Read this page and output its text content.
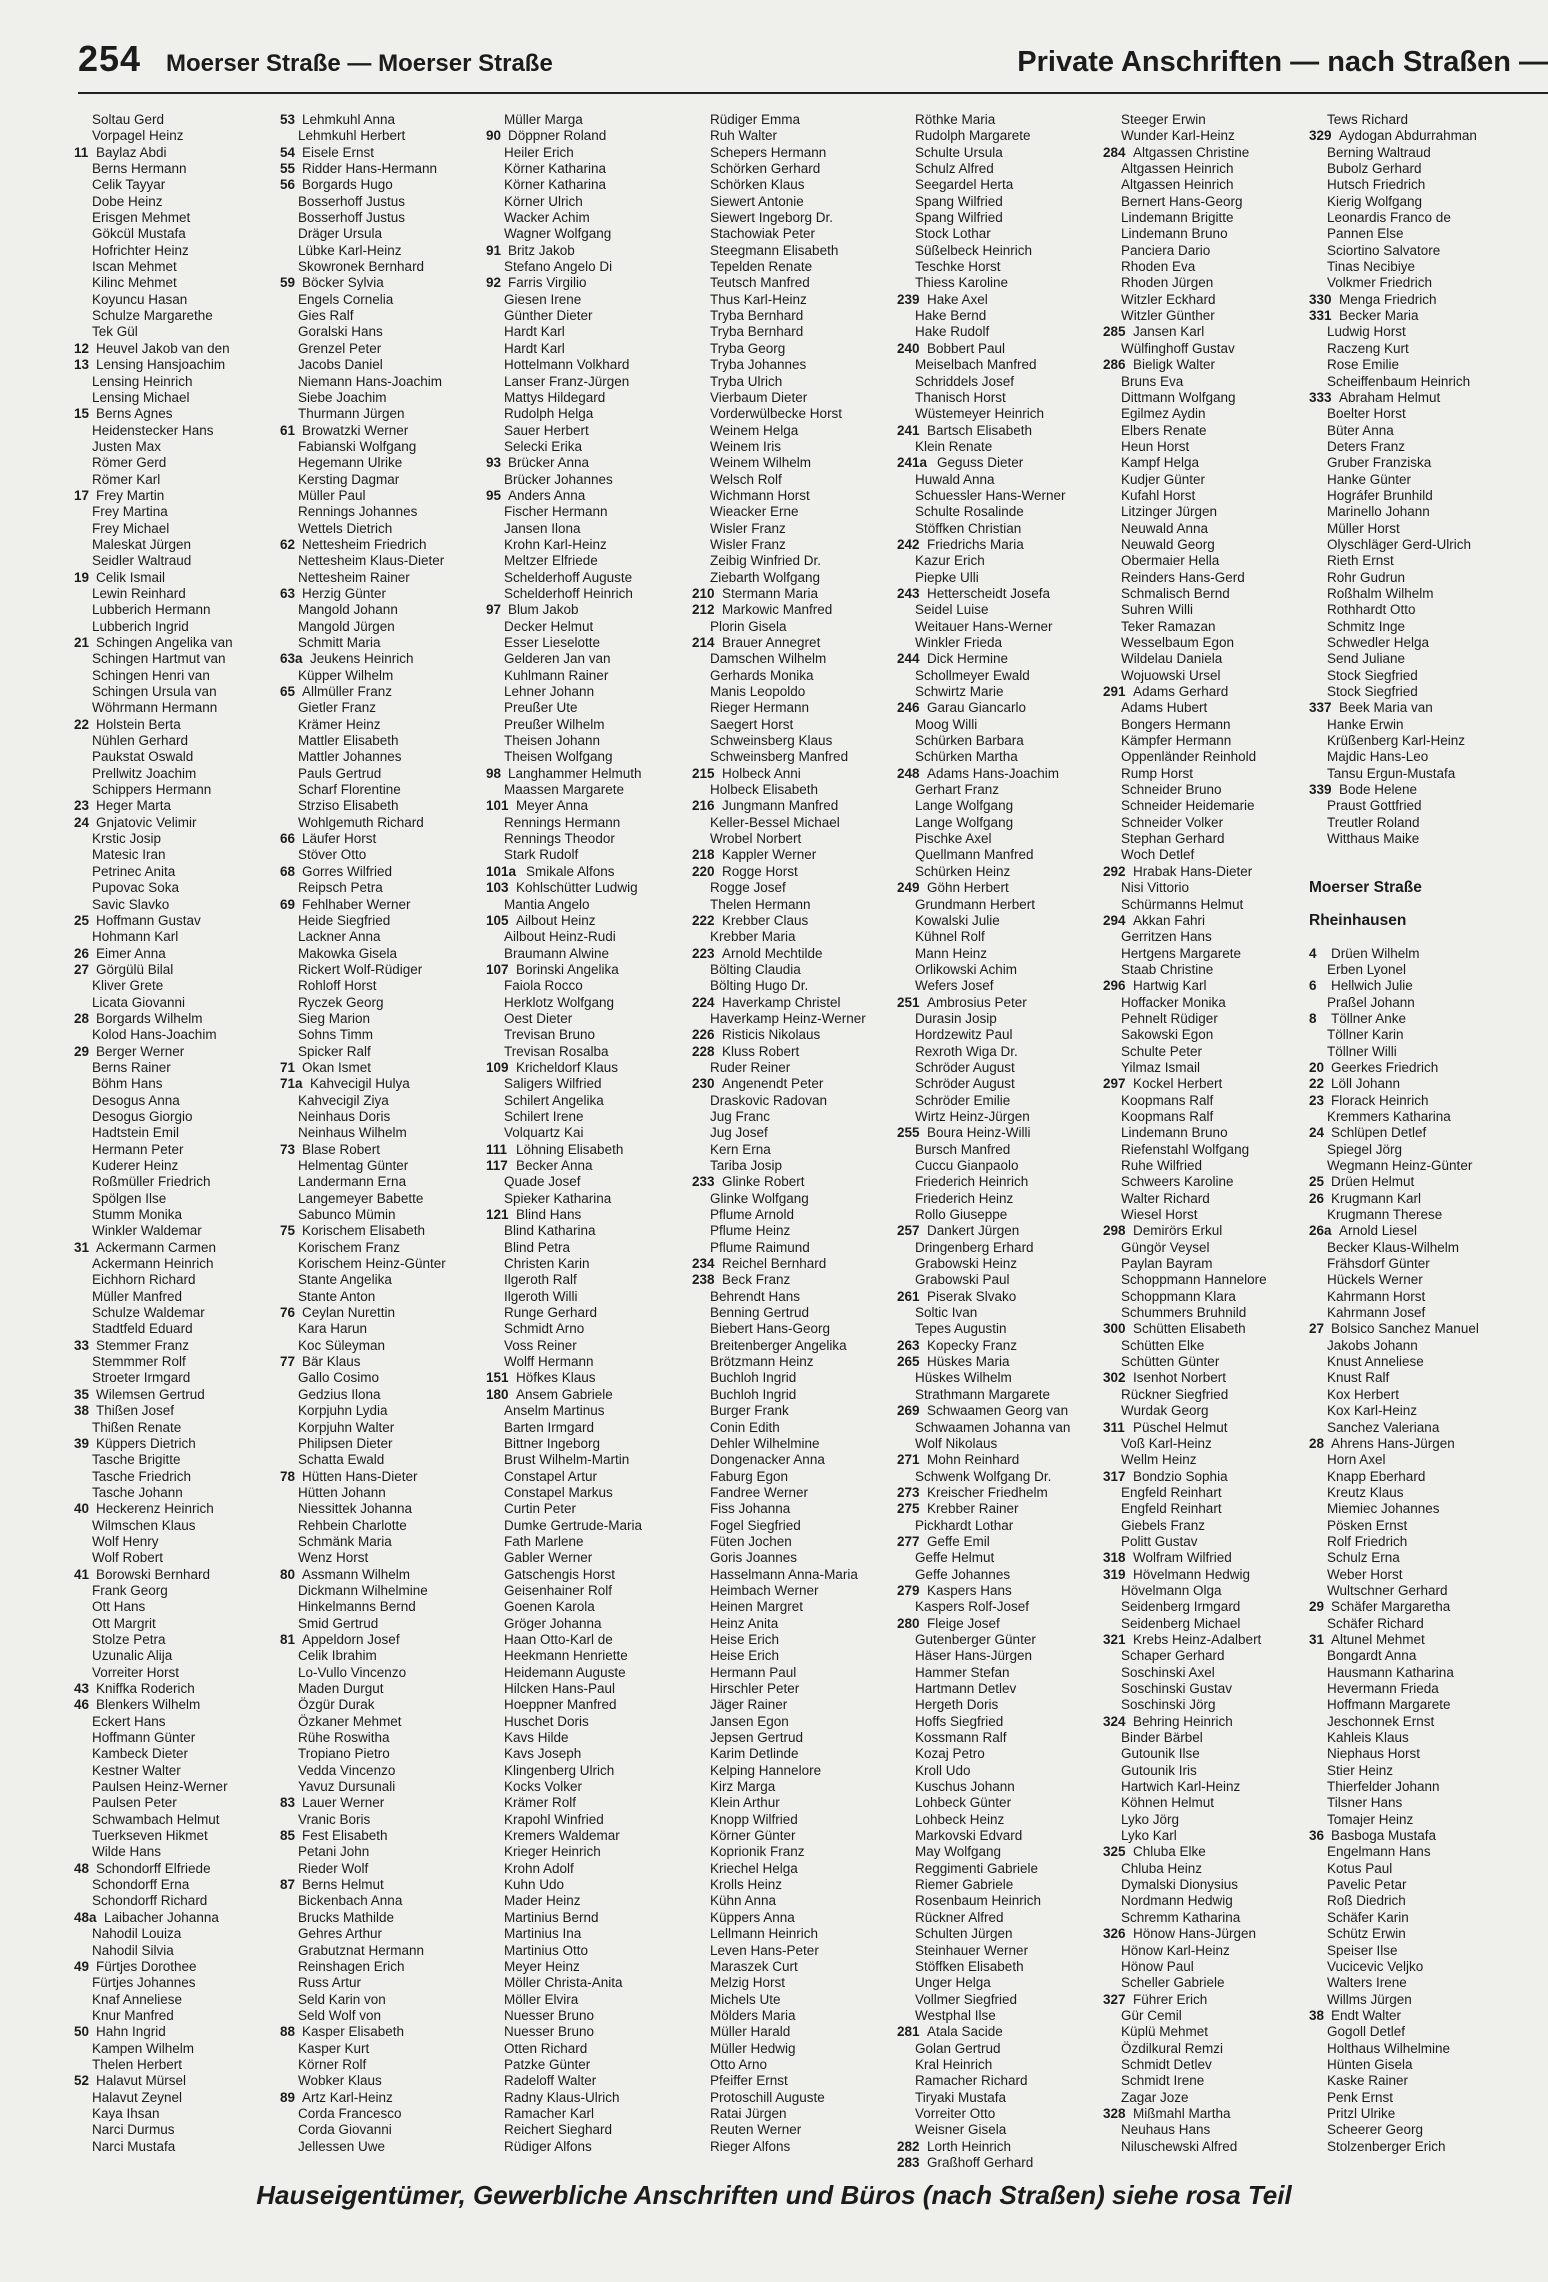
254 Moerser Straße — Moerser Straße	Private Anschriften — nach Straßen —
Soltau Gerd
Vorpagel Heinz
11 Baylaz Abdi
Berns Hermann
Celik Tayyar
Dobe Heinz
Erisgen Mehmet
Gökcül Mustafa
Hofrichter Heinz
Iscan Mehmet
Kilinc Mehmet
Koyuncu Hasan
Schulze Margarethe
Tek Gül
12 Heuvel Jakob van den
13 Lensing Hansjoachim
Lensing Heinrich
Lensing Michael
15 Berns Agnes
Heidenstecker Hans
Justen Max
Römer Gerd
Römer Karl
17 Frey Martin
Frey Martina
Frey Michael
Maleskat Jürgen
Seidler Waltraud
19 Celik Ismail
Lewin Reinhard
Lubberich Hermann
Lubberich Ingrid
21 Schingen Angelika van
Schingen Hartmut van
Schingen Henri van
Schingen Ursula van
Wöhrmann Hermann
22 Holstein Berta
Nühlen Gerhard
Paukstat Oswald
Prellwitz Joachim
Schippers Hermann
23 Heger Marta
24 Gnjatovic Velimir
Krstic Josip
Matesic Iran
Petrinec Anita
Pupovac Soka
Savic Slavko
25 Hoffmann Gustav
Hohmann Karl
26 Eimer Anna
27 Görgülü Bilal
Kliver Grete
Licata Giovanni
28 Borgards Wilhelm
Kolod Hans-Joachim
29 Berger Werner
Berns Rainer
Böhm Hans
Desogus Anna
Desogus Giorgio
Hadtstein Emil
Hermann Peter
Kuderer Heinz
Roßmüller Friedrich
Spölgen Ilse
Stumm Monika
Winkler Waldemar
31 Ackermann Carmen
Ackermann Heinrich
Eichhorn Richard
Müller Manfred
Schulze Waldemar
Stadtfeld Eduard
33 Stemmer Franz
Stemmmer Rolf
Stroeter Irmgard
35 Wilemsen Gertrud
38 Thißen Josef
Thißen Renate
39 Küppers Dietrich
Tasche Brigitte
Tasche Friedrich
Tasche Johann
40 Heckerenz Heinrich
Wilmschen Klaus
Wolf Henry
Wolf Robert
41 Borowski Bernhard
Frank Georg
Ott Hans
Ott Margrit
Stolze Petra
Uzunalic Alija
Vorreiter Horst
43 Kniffka Roderich
46 Blenkers Wilhelm
Eckert Hans
Hoffmann Günter
Kambeck Dieter
Kestner Walter
Paulsen Heinz-Werner
Paulsen Peter
Schwambach Helmut
Tuerkseven Hikmet
Wilde Hans
48 Schondorff Elfriede
Schondorff Erna
Schondorff Richard
48a Laibacher Johanna
Nahodil Louiza
Nahodil Silvia
49 Fürtjes Dorothee
Fürtjes Johannes
Knaf Anneliese
Knur Manfred
50 Hahn Ingrid
Kampen Wilhelm
Thelen Herbert
52 Halavut Mürsel
Halavut Zeynel
Kaya Ihsan
Narci Durmus
Narci Mustafa
53 Lehmkuhl Anna
Lehmkuhl Herbert
54 Eisele Ernst
55 Ridder Hans-Hermann
56 Borgards Hugo
Bosserhoff Justus
Bosserhoff Justus
Dräger Ursula
Lübke Karl-Heinz
Skowronek Bernhard
59 Böcker Sylvia
Engels Cornelia
Gies Ralf
Goralski Hans
Grenzel Peter
Jacobs Daniel
Niemann Hans-Joachim
Siebe Joachim
Thurmann Jürgen
61 Browatzki Werner
Fabianski Wolfgang
Hegemann Ulrike
Kersting Dagmar
Müller Paul
Rennings Johannes
Wettels Dietrich
62 Nettesheim Friedrich
Nettesheim Klaus-Dieter
Nettesheim Rainer
63 Herzig Günter
Mangold Johann
Mangold Jürgen
Schmitt Maria
63a Jeukens Heinrich
Küpper Wilhelm
65 Allmüller Franz
Gietler Franz
Krämer Heinz
Mattler Elisabeth
Mattler Johannes
Pauls Gertrud
Scharf Florentine
Strziso Elisabeth
Wohlgemuth Richard
66 Läufer Horst
Stöver Otto
68 Gorres Wilfried
Reipsch Petra
69 Fehlhaber Werner
Heide Siegfried
Lackner Anna
Makowka Gisela
Rickert Wolf-Rüdiger
Rohloff Horst
Ryczek Georg
Sieg Marion
Sohns Timm
Spicker Ralf
71 Okan Ismet
71a Kahvecigil Hulya
Kahvecigil Ziya
Neinhaus Doris
Neinhaus Wilhelm
73 Blase Robert
Helmentag Günter
Landermann Erna
Langemeyer Babette
Sabunco Mümin
75 Korischem Elisabeth
Korischem Franz
Korischem Heinz-Günter
Stante Angelika
Stante Anton
76 Ceylan Nurettin
Kara Harun
Koc Süleyman
77 Bär Klaus
Gallo Cosimo
Gedzius Ilona
Korpjuhn Lydia
Korpjuhn Walter
Philipsen Dieter
Schatta Ewald
78 Hütten Hans-Dieter
Hütten Johann
Niessittek Johanna
Rehbein Charlotte
Schmänk Maria
Wenz Horst
80 Assmann Wilhelm
Dickmann Wilhelmine
Hinkelmanns Bernd
Smid Gertrud
81 Appeldorn Josef
Celik Ibrahim
Lo-Vullo Vincenzo
Maden Durgut
Özgür Durak
Özkaner Mehmet
Rühe Roswitha
Tropiano Pietro
Vedda Vincenzo
Yavuz Dursunali
83 Lauer Werner
Vranic Boris
85 Fest Elisabeth
Petani John
Rieder Wolf
87 Berns Helmut
Bickenbach Anna
Brucks Mathilde
Gehres Arthur
Grabutznat Hermann
Reinshagen Erich
Russ Artur
Seld Karin von
Seld Wolf von
88 Kasper Elisabeth
Kasper Kurt
Körner Rolf
Wobker Klaus
89 Artz Karl-Heinz
Corda Francesco
Corda Giovanni
Jellessen Uwe
Müller Marga
90 Döppner Roland
Heiler Erich
Körner Katharina
Körner Katharina
Körner Ulrich
Wacker Achim
Wagner Wolfgang
91 Britz Jakob
Stefano Angelo Di
92 Farris Virgilio
Giesen Irene
Günther Dieter
Hardt Karl
Hardt Karl
Hottelmann Volkhard
Lanser Franz-Jürgen
Mattys Hildegard
Rudolph Helga
Sauer Herbert
Selecki Erika
93 Brücker Anna
Brücker Johannes
95 Anders Anna
Fischer Hermann
Jansen Ilona
Krohn Karl-Heinz
Meltzer Elfriede
Schelderhoff Auguste
Schelderhoff Heinrich
97 Blum Jakob
Decker Helmut
Esser Lieselotte
Gelderen Jan van
Kuhlmann Rainer
Lehner Johann
Preußer Ute
Preußer Wilhelm
Theisen Johann
Theisen Wolfgang
98 Langhammer Helmuth
Maassen Margarete
101 Meyer Anna
Rennings Hermann
Rennings Theodor
Stark Rudolf
101a Smikale Alfons
103 Kohlschütter Ludwig
Mantia Angelo
105 Ailbout Heinz
Ailbout Heinz-Rudi
Braumann Alwine
107 Borinski Angelika
Faiola Rocco
Herklotz Wolfgang
Oest Dieter
Trevisan Bruno
Trevisan Rosalba
109 Kricheldorf Klaus
Saligers Wilfried
Schilert Angelika
Schilert Irene
Volquartz Kai
111 Löhning Elisabeth
117 Becker Anna
Quade Josef
Spieker Katharina
121 Blind Hans
Blind Katharina
Blind Petra
Christen Karin
Ilgeroth Ralf
Ilgeroth Willi
Runge Gerhard
Schmidt Arno
Voss Reiner
Wolff Hermann
151 Höfkes Klaus
180 Ansem Gabriele
Anselm Martinus
Barten Irmgard
Bittner Ingeborg
Brust Wilhelm-Martin
Constapel Artur
Constapel Markus
Curtin Peter
Dumke Gertrude-Maria
Fath Marlene
Gabler Werner
Gatschengis Horst
Geisenhainer Rolf
Goenen Karola
Gröger Johanna
Haan Otto-Karl de
Heekmann Henriette
Heidemann Auguste
Hilcken Hans-Paul
Hoeppner Manfred
Huschet Doris
Kavs Hilde
Kavs Joseph
Klingenberg Ulrich
Kocks Volker
Krämer Rolf
Krapohl Winfried
Kremers Waldemar
Krieger Heinrich
Krohn Adolf
Kuhn Udo
Mader Heinz
Martinius Bernd
Martinius Ina
Martinius Otto
Meyer Heinz
Möller Christa-Anita
Möller Elvira
Nuesser Bruno
Nuesser Bruno
Otten Richard
Patzke Günter
Radeloff Walter
Radny Klaus-Ulrich
Ramacher Karl
Reichert Sieghard
Rüdiger Alfons
Rüdiger Emma
Ruh Walter
Schepers Hermann
Schörken Gerhard
Schörken Klaus
Siewert Antonie
Siewert Ingeborg Dr.
Stachowiak Peter
Steegmann Elisabeth
Tepelden Renate
Teutsch Manfred
Thus Karl-Heinz
Tryba Bernhard
Tryba Bernhard
Tryba Georg
Tryba Johannes
Tryba Ulrich
Vierbaum Dieter
Vorderwülbecke Horst
Weinem Helga
Weinem Iris
Weinem Wilhelm
Welsch Rolf
Wichmann Horst
Wieacker Erne
Wisler Franz
Wisler Franz
Zeibig Winfried Dr.
Ziebarth Wolfgang
210 Stermann Maria
212 Markowic Manfred
Plorin Gisela
214 Brauer Annegret
Damschen Wilhelm
Gerhards Monika
Manis Leopoldo
Rieger Hermann
Saegert Horst
Schweinsberg Klaus
Schweinsberg Manfred
215 Holbeck Anni
Holbeck Elisabeth
216 Jungmann Manfred
Keller-Bessel Michael
Wrobel Norbert
218 Kappler Werner
220 Rogge Horst
Rogge Josef
Thelen Hermann
222 Krebber Claus
Krebber Maria
223 Arnold Mechtilde
Bölting Claudia
Bölting Hugo Dr.
224 Haverkamp Christel
Haverkamp Heinz-Werner
226 Risticis Nikolaus
228 Kluss Robert
Ruder Reiner
230 Angenendt Peter
Draskovic Radovan
Jug Franc
Jug Josef
Kern Erna
Tariba Josip
233 Glinke Robert
Glinke Wolfgang
Pflume Arnold
Pflume Heinz
Pflume Raimund
234 Reichel Bernhard
238 Beck Franz
Behrendt Hans
Benning Gertrud
Biebert Hans-Georg
Breitenberger Angelika
Brötzmann Heinz
Buchloh Ingrid
Buchloh Ingrid
Burger Frank
Conin Edith
Dehler Wilhelmine
Dongenacker Anna
Faburg Egon
Fandree Werner
Fiss Johanna
Fogel Siegfried
Füten Jochen
Goris Joannes
Hasselmann Anna-Maria
Heimbach Werner
Heinen Margret
Heinz Anita
Heise Erich
Heise Erich
Hermann Paul
Hirschler Peter
Jäger Rainer
Jansen Egon
Jepsen Gertrud
Karim Detlinde
Kelping Hannelore
Kirz Marga
Klein Arthur
Knopp Wilfried
Körner Günter
Koprionik Franz
Kriechel Helga
Krolls Heinz
Kühn Anna
Küppers Anna
Lellmann Heinrich
Leven Hans-Peter
Maraszek Curt
Melzig Horst
Michels Ute
Mölders Maria
Müller Harald
Müller Hedwig
Otto Arno
Pfeiffer Ernst
Protoschill Auguste
Ratai Jürgen
Reuten Werner
Rieger Alfons
Röthke Maria
Rudolph Margarete
Schulte Ursula
Schulz Alfred
Seegardel Herta
Spang Wilfried
Spang Wilfried
Stock Lothar
Süßelbeck Heinrich
Teschke Horst
Thiess Karoline
239 Hake Axel
Hake Bernd
Hake Rudolf
240 Bobbert Paul
Meiselbach Manfred
Schriddels Josef
Thanisch Horst
Wüstemeyer Heinrich
241 Bartsch Elisabeth
Klein Renate
241a Geguss Dieter
Huwald Anna
Schuessler Hans-Werner
Schulte Rosalinde
Stöffken Christian
242 Friedrichs Maria
Kazur Erich
Piepke Ulli
243 Hetterscheidt Josefa
Seidel Luise
Weitauer Hans-Werner
Winkler Frieda
244 Dick Hermine
Schollmeyer Ewald
Schwirtz Marie
246 Garau Giancarlo
Moog Willi
Schürken Barbara
Schürken Martha
248 Adams Hans-Joachim
Gerhart Franz
Lange Wolfgang
Lange Wolfgang
Pischke Axel
Quellmann Manfred
Schürken Heinz
249 Göhn Herbert
Grundmann Herbert
Kowalski Julie
Kühnel Rolf
Mann Heinz
Orlikowski Achim
Wefers Josef
251 Ambrosius Peter
Durasin Josip
Hordzewitz Paul
Rexroth Wiga Dr.
Schröder August
Schröder August
Schröder Emilie
Wirtz Heinz-Jürgen
255 Boura Heinz-Willi
Bursch Manfred
Cuccu Gianpaolo
Friederich Heinrich
Friederich Heinz
Rollo Giuseppe
257 Dankert Jürgen
Dringenberg Erhard
Grabowski Heinz
Grabowski Paul
261 Piserak Slvako
Soltic Ivan
Tepes Augustin
263 Kopecky Franz
265 Hüskes Maria
Hüskes Wilhelm
Strathmann Margarete
269 Schwaamen Georg van
Schwaamen Johanna van
Wolf Nikolaus
271 Mohn Reinhard
Schwenk Wolfgang Dr.
273 Kreischer Friedhelm
275 Krebber Rainer
Pickhardt Lothar
277 Geffe Emil
Geffe Helmut
Geffe Johannes
279 Kaspers Hans
Kaspers Rolf-Josef
280 Fleige Josef
Gutenberger Günter
Häser Hans-Jürgen
Hammer Stefan
Hartmann Detlev
Hergeth Doris
Hoffs Siegfried
Kossmann Ralf
Kozaj Petro
Kroll Udo
Kuschus Johann
Lohbeck Günter
Lohbeck Heinz
Markovski Edvard
May Wolfgang
Reggimenti Gabriele
Riemer Gabriele
Rosenbaum Heinrich
Rückner Alfred
Schulten Jürgen
Steinhauer Werner
Stöffken Elisabeth
Unger Helga
Vollmer Siegfried
Westphal Ilse
281 Atala Sacide
Golan Gertrud
Kral Heinrich
Ramacher Richard
Tiryaki Mustafa
Vorreiter Otto
Weisner Gisela
282 Lorth Heinrich
283 Graßhoff Gerhard
Steeger Erwin
Wunder Karl-Heinz
284 Altgassen Christine
Altgassen Heinrich
Altgassen Heinrich
Bernert Hans-Georg
Lindemann Brigitte
Lindemann Bruno
Panciera Dario
Rhoden Eva
Rhoden Jürgen
Witzler Eckhard
Witzler Günther
285 Jansen Karl
Wülfinghoff Gustav
286 Bieligk Walter
Bruns Eva
Dittmann Wolfgang
Egilmez Aydin
Elbers Renate
Heun Horst
Kampf Helga
Kudjer Günter
Kufahl Horst
Litzinger Jürgen
Neuwald Anna
Neuwald Georg
Obermaier Hella
Reinders Hans-Gerd
Schmalisch Bernd
Suhren Willi
Teker Ramazan
Wesselbaum Egon
Wildelau Daniela
Wojuowski Ursel
291 Adams Gerhard
Adams Hubert
Bongers Hermann
Kämpfer Hermann
Oppenländer Reinhold
Rump Horst
Schneider Bruno
Schneider Heidemarie
Schneider Volker
Stephan Gerhard
Woch Detlef
292 Hrabak Hans-Dieter
Nisi Vittorio
Schürmanns Helmut
294 Akkan Fahri
Gerritzen Hans
Hertgens Margarete
Staab Christine
296 Hartwig Karl
Hoffacker Monika
Pehnelt Rüdiger
Sakowski Egon
Schulte Peter
Yilmaz Ismail
297 Kockel Herbert
Koopmans Ralf
Koopmans Ralf
Lindemann Bruno
Riefenstahl Wolfgang
Ruhe Wilfried
Schweers Karoline
Walter Richard
Wiesel Horst
298 Demirörs Erkul
Güngör Veysel
Paylan Bayram
Schoppmann Hannelore
Schoppmann Klara
Schummers Bruhnild
300 Schütten Elisabeth
Schütten Elke
Schütten Günter
302 Isenhot Norbert
Rückner Siegfried
Wurdak Georg
311 Püschel Helmut
Voß Karl-Heinz
Wellm Heinz
317 Bondzio Sophia
Engfeld Reinhart
Engfeld Reinhart
Giebels Franz
Politt Gustav
318 Wolfram Wilfried
319 Hövelmann Hedwig
Hövelmann Olga
Seidenberg Irmgard
Seidenberg Michael
321 Krebs Heinz-Adalbert
Schaper Gerhard
Soschinski Axel
Soschinski Gustav
Soschinski Jörg
324 Behring Heinrich
Binder Bärbel
Gutounik Ilse
Gutounik Iris
Hartwich Karl-Heinz
Köhnen Helmut
Lyko Jörg
Lyko Karl
325 Chluba Elke
Chluba Heinz
Dymalski Dionysius
Nordmann Hedwig
Schremm Katharina
326 Hönow Hans-Jürgen
Hönow Karl-Heinz
Hönow Paul
Scheller Gabriele
327 Führer Erich
Gür Cemil
Küplü Mehmet
Özdilkural Remzi
Schmidt Detlev
Schmidt Irene
Zagar Joze
328 Mißmahl Martha
Neuhaus Hans
Niluschewski Alfred
Tews Richard
329 Aydogan Abdurrahman
Berning Waltraud
Bubolz Gerhard
Hutsch Friedrich
Kierig Wolfgang
Leonardis Franco de
Pannen Else
Sciortino Salvatore
Tinas Necibiye
Volkmer Friedrich
330 Menga Friedrich
331 Becker Maria
Ludwig Horst
Raczeng Kurt
Rose Emilie
Scheiffenbaum Heinrich
333 Abraham Helmut
Boelter Horst
Büter Anna
Deters Franz
Gruber Franziska
Hanke Günter
Hográfer Brunhild
Marinello Johann
Müller Horst
Olyschläger Gerd-Ulrich
Rieth Ernst
Rohr Gudrun
Roßhalm Wilhelm
Rothhardt Otto
Schmitz Inge
Schwedler Helga
Send Juliane
Stock Siegfried
Stock Siegfried
337 Beek Maria van
Hanke Erwin
Krüßenberg Karl-Heinz
Majdic Hans-Leo
Tansu Ergun-Mustafa
339 Bode Helene
Praust Gottfried
Treutler Roland
Witthaus Maike
Moerser Straße
Rheinhausen
4	Drüen Wilhelm
Erben Lyonel
6	Hellwich Julie
Praßel Johann
8	Töllner Anke
Töllner Karin
Töllner Willi
20 Geerkes Friedrich
22 Löll Johann
23 Florack Heinrich
Kremmers Katharina
24 Schlüpen Detlef
Spiegel Jörg
Wegmann Heinz-Günter
25 Drüen Helmut
26 Krugmann Karl
Krugmann Therese
26a Arnold Liesel
Becker Klaus-Wilhelm
Frähsdorf Günter
Hückels Werner
Kahrmann Horst
Kahrmann Josef
27 Bolsico Sanchez Manuel
Jakobs Johann
Knust Anneliese
Knust Ralf
Kox Herbert
Kox Karl-Heinz
Sanchez Valeriana
28 Ahrens Hans-Jürgen
Horn Axel
Knapp Eberhard
Kreutz Klaus
Miemiec Johannes
Pösken Ernst
Rolf Friedrich
Schulz Erna
Weber Horst
Wultschner Gerhard
29 Schäfer Margaretha
Schäfer Richard
31 Altunel Mehmet
Bongardt Anna
Hausmann Katharina
Hevermann Frieda
Hoffmann Margarete
Jeschonnek Ernst
Kahleis Klaus
Niephaus Horst
Stier Heinz
Thierfelder Johann
Tilsner Hans
Tomajer Heinz
36 Basboga Mustafa
Engelmann Hans
Kotus Paul
Pavelic Petar
Roß Diedrich
Schäfer Karin
Schütz Erwin
Speiser Ilse
Vucicevic Veljko
Walters Irene
Willms Jürgen
38 Endt Walter
Gogoll Detlef
Holthaus Wilhelmine
Hünten Gisela
Kaske Rainer
Penk Ernst
Pritzl Ulrike
Scheerer Georg
Stolzenberger Erich
Hauseigentümer, Gewerbliche Anschriften und Büros (nach Straßen) siehe rosa Teil
